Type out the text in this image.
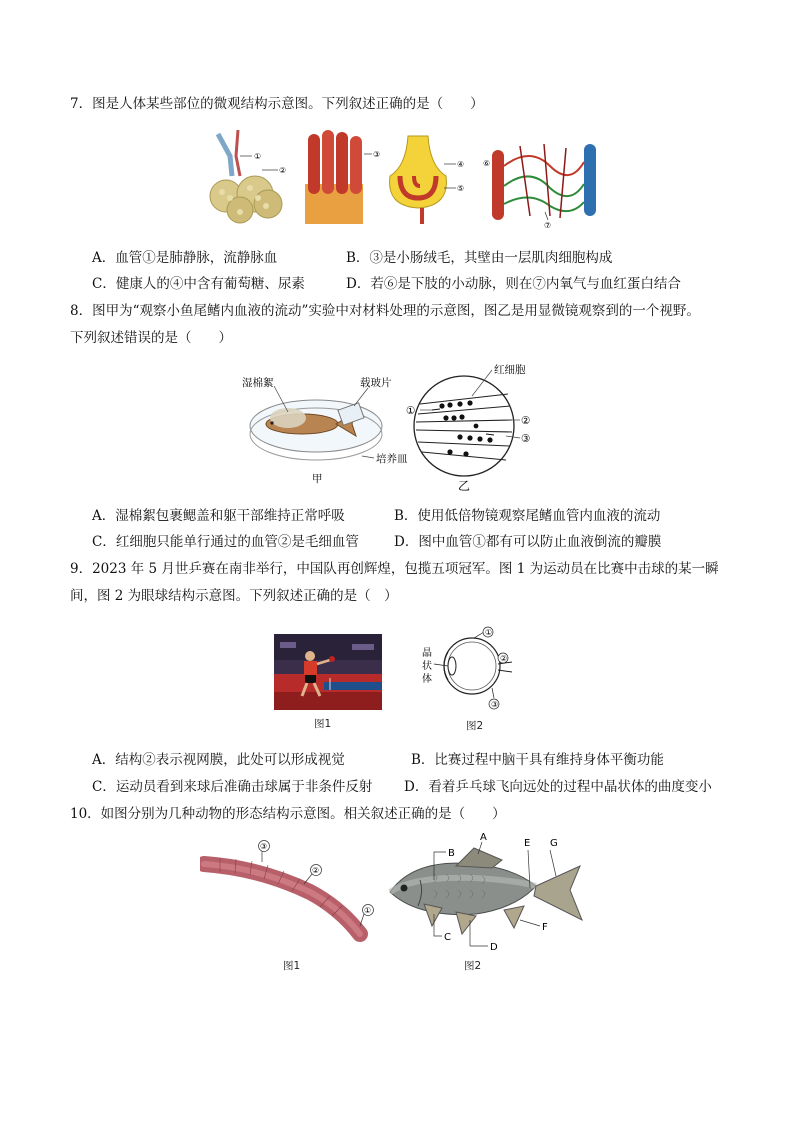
7．图是人体某些部位的微观结构示意图。下列叙述正确的是（　　）
①
②
③
④
⑤
⑥
⑦
A．血管①是肺静脉，流静脉血	B．③是小肠绒毛，其壁由一层肌肉细胞构成
C．健康人的④中含有葡萄糖、尿素	D．若⑥是下肢的小动脉，则在⑦内氧气与血红蛋白结合
8．图甲为“观察小鱼尾鳍内血液的流动”实验中对材料处理的示意图，图乙是用显微镜观察到的一个视野。
下列叙述错误的是（　　）
湿棉絮	载玻片
培养皿
甲
红细胞
①
②
③
乙
A．湿棉絮包裹鳃盖和躯干部维持正常呼吸	B．使用低倍物镜观察尾鳍血管内血液的流动
C．红细胞只能单行通过的血管②是毛细血管	D．图中血管①都有可以防止血液倒流的瓣膜
9．2023 年 5 月世乒赛在南非举行，中国队再创辉煌，包揽五项冠军。图 1 为运动员在比赛中击球的某一瞬
间，图 2 为眼球结构示意图。下列叙述正确的是（　）
图1
①
②
③
晶
状
体
图2
A．结构②表示视网膜，此处可以形成视觉	B．比赛过程中脑干具有维持身体平衡功能
C．运动员看到来球后准确击球属于非条件反射 D．看着乒乓球飞向远处的过程中晶状体的曲度变小
10．如图分别为几种动物的形态结构示意图。相关叙述正确的是（　　）
③
②
①
图1
A
B
C
D
E
F
G
图2
